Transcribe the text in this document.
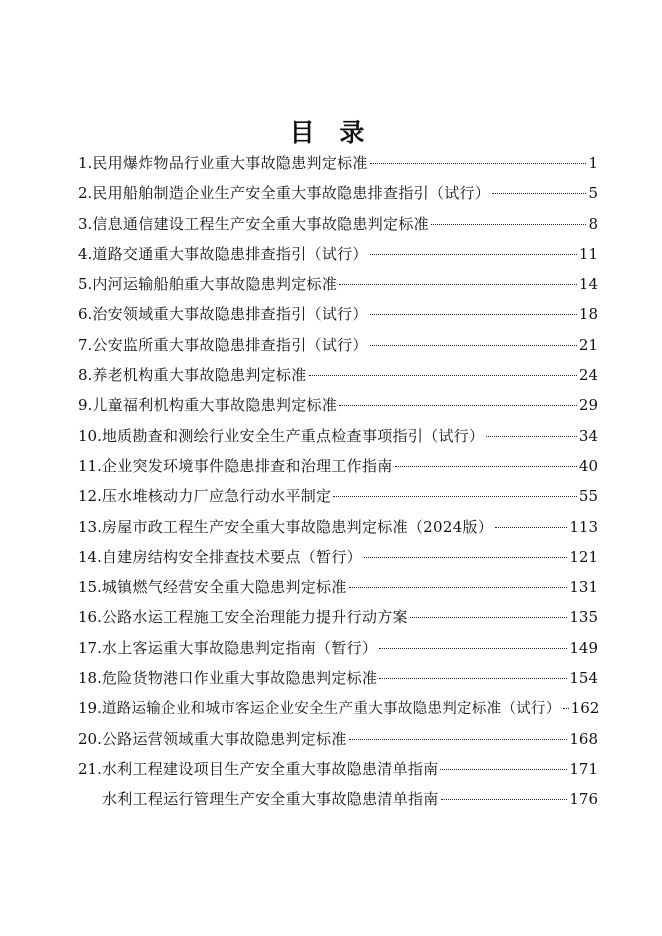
目 录
1. 民用爆炸物品行业重大事故隐患判定标准	1
2. 民用船舶制造企业生产安全重大事故隐患排查指引（试行）	5
3. 信息通信建设工程生产安全重大事故隐患判定标准	8
4. 道路交通重大事故隐患排查指引（试行）	11
5. 内河运输船舶重大事故隐患判定标准	14
6. 治安领域重大事故隐患排查指引（试行）	18
7. 公安监所重大事故隐患排查指引（试行）	21
8. 养老机构重大事故隐患判定标准	24
9. 儿童福利机构重大事故隐患判定标准	29
10. 地质勘查和测绘行业安全生产重点检查事项指引（试行）	34
11. 企业突发环境事件隐患排查和治理工作指南	40
12. 压水堆核动力厂应急行动水平制定	55
13. 房屋市政工程生产安全重大事故隐患判定标准（2024版）	113
14. 自建房结构安全排查技术要点（暂行）	121
15. 城镇燃气经营安全重大隐患判定标准	131
16. 公路水运工程施工安全治理能力提升行动方案	135
17. 水上客运重大事故隐患判定指南（暂行）	149
18. 危险货物港口作业重大事故隐患判定标准	154
19. 道路运输企业和城市客运企业安全生产重大事故隐患判定标准（试行） 162
20. 公路运营领域重大事故隐患判定标准	168
21. 水利工程建设项目生产安全重大事故隐患清单指南	171
水利工程运行管理生产安全重大事故隐患清单指南	176
